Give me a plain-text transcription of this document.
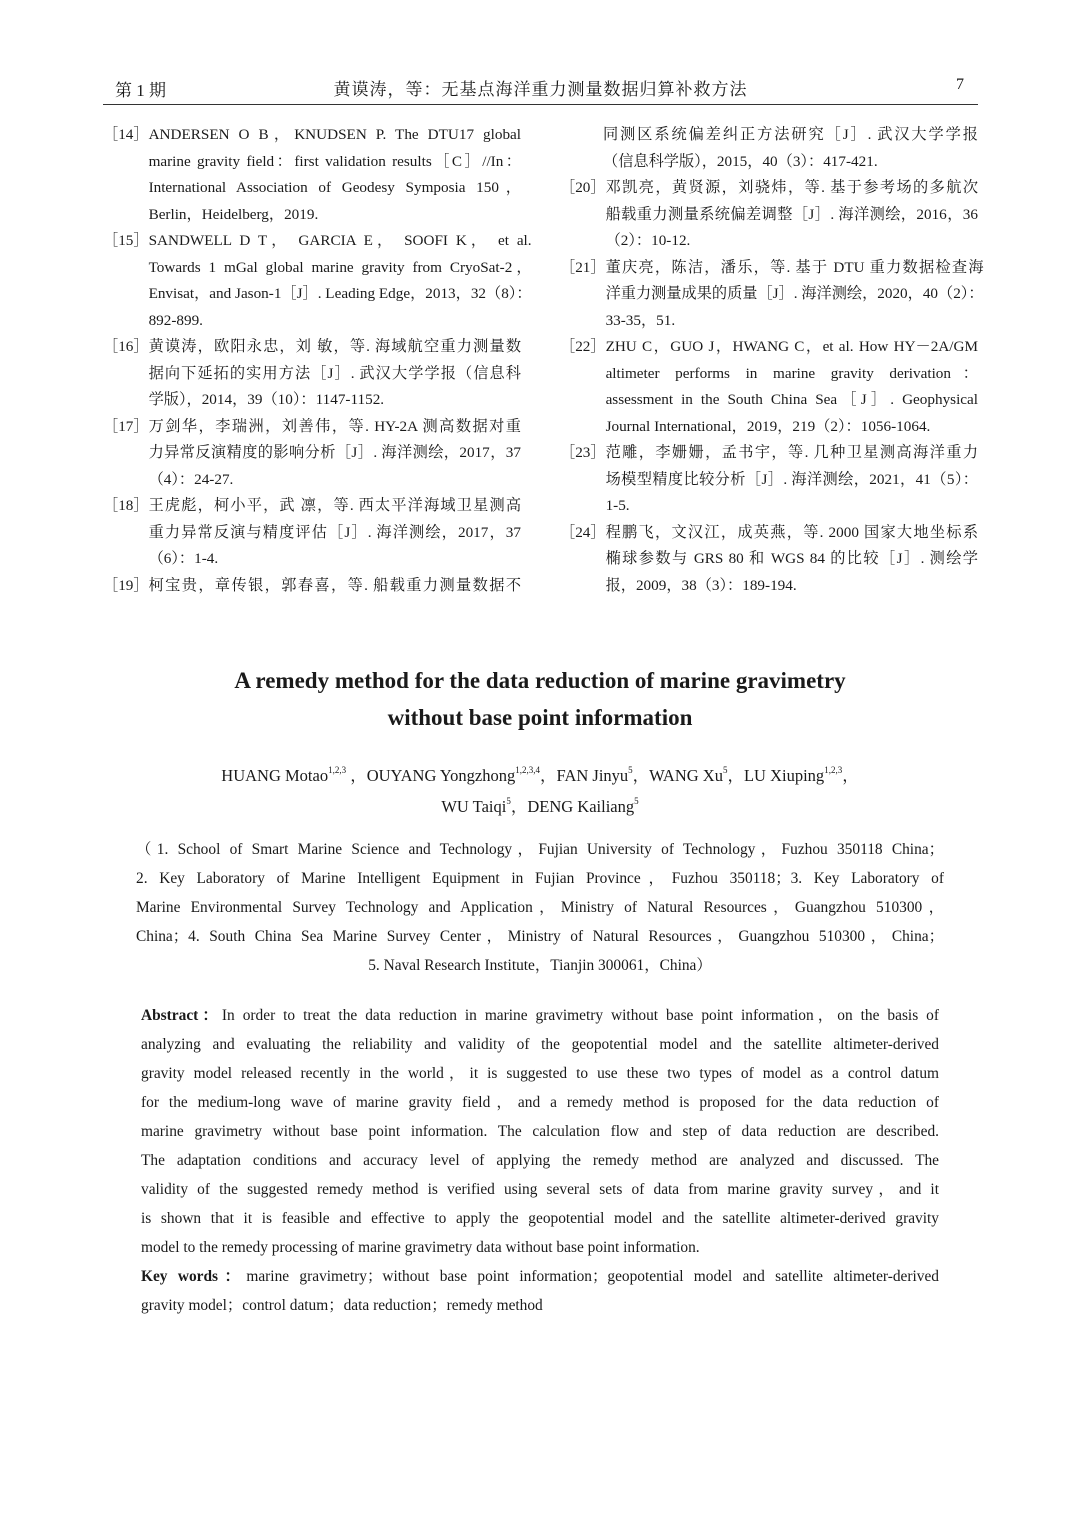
第 1 期	黄谟涛，等：无基点海洋重力测量数据归算补救方法	7
［14］ ANDERSEN O B，KNUDSEN P. The DTU17 global
marine gravity field：first validation results［C］//In：
International Association of Geodesy Symposia 150，
Berlin，Heidelberg，2019.
［15］ SANDWELL D T， GARCIA E， SOOFI K， et al.
Towards 1 mGal global marine gravity from CryoSat-2，
Envisat，and Jason-1［J］. Leading Edge，2013，32（8）：
892-899.
［16］ 黄谟涛，欧阳永忠，刘 敏，等. 海域航空重力测量数
据向下延拓的实用方法［J］. 武汉大学学报（信息科
学版），2014，39（10）：1147-1152.
［17］ 万剑华，李瑞洲，刘善伟，等. HY-2A 测高数据对重
力异常反演精度的影响分析［J］. 海洋测绘，2017，37
（4）：24-27.
［18］ 王虎彪，柯小平，武 凛，等. 西太平洋海域卫星测高
重力异常反演与精度评估［J］. 海洋测绘，2017，37
（6）：1-4.
［19］ 柯宝贵，章传银，郭春喜，等. 船载重力测量数据不
同测区系统偏差纠正方法研究［J］. 武汉大学学报
（信息科学版），2015，40（3）：417-421.
［20］ 邓凯亮，黄贤源，刘骁炜，等. 基于参考场的多航次
船载重力测量系统偏差调整［J］. 海洋测绘，2016，36
（2）：10-12.
［21］ 董庆亮，陈洁，潘乐，等. 基于 DTU 重力数据检查海
洋重力测量成果的质量［J］. 海洋测绘，2020，40（2）：
33-35，51.
［22］ ZHU C，GUO J，HWANG C，et al. How HY－2A/GM
altimeter performs in marine gravity derivation：
assessment in the South China Sea［J］. Geophysical
Journal International，2019，219（2）：1056-1064.
［23］ 范雕，李姗姗，孟书宇，等. 几种卫星测高海洋重力
场模型精度比较分析［J］. 海洋测绘，2021，41（5）：
1-5.
［24］ 程鹏飞，文汉江，成英燕，等. 2000 国家大地坐标系
椭球参数与 GRS 80 和 WGS 84 的比较［J］. 测绘学
报，2009，38（3）：189-194.
A remedy method for the data reduction of marine gravimetry
without base point information
HUANG Motao$^{1,2,3}$ ，OUYANG Yongzhong$^{1,2,3,4}$，FAN Jinyu$^5$，WANG Xu$^5$，LU Xiuping$^{1,2,3}$，
WU Taiqi$^5$，DENG Kailiang$^5$
（1. School of Smart Marine Science and Technology，Fujian University of Technology，Fuzhou 350118 China；
2. Key Laboratory of Marine Intelligent Equipment in Fujian Province，Fuzhou 350118；3. Key Laboratory of
Marine Environmental Survey Technology and Application，Ministry of Natural Resources，Guangzhou 510300，
China；4. South China Sea Marine Survey Center，Ministry of Natural Resources，Guangzhou 510300，China；
5. Naval Research Institute，Tianjin 300061，China）
Abstract：In order to treat the data reduction in marine gravimetry without base point information，on the basis of
analyzing and evaluating the reliability and validity of the geopotential model and the satellite altimeter-derived
gravity model released recently in the world，it is suggested to use these two types of model as a control datum
for the medium-long wave of marine gravity field，and a remedy method is proposed for the data reduction of
marine gravimetry without base point information. The calculation flow and step of data reduction are described.
The adaptation conditions and accuracy level of applying the remedy method are analyzed and discussed. The
validity of the suggested remedy method is verified using several sets of data from marine gravity survey，and it
is shown that it is feasible and effective to apply the geopotential model and the satellite altimeter-derived gravity
model to the remedy processing of marine gravimetry data without base point information.
Key words：marine gravimetry；without base point information；geopotential model and satellite altimeter-derived
gravity model；control datum；data reduction；remedy method
